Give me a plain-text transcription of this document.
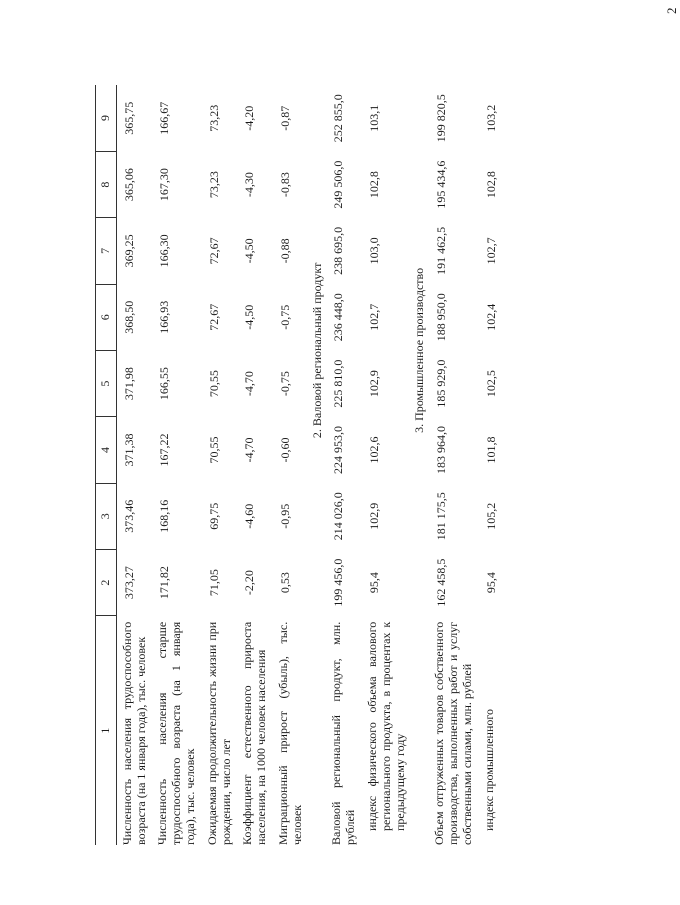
2
1	2	3	4	5	6	7	8	9
Численность населения трудоспособного возраста (на 1 января года), тыс. человек	373,27	373,46	371,38	371,98	368,50	369,25	365,06	365,75
Численность населения старше трудоспособного возраста (на 1 января года), тыс. человек	171,82	168,16	167,22	166,55	166,93	166,30	167,30	166,67
Ожидаемая продолжительность жизни при рождении, число лет	71,05	69,75	70,55	70,55	72,67	72,67	73,23	73,23
Коэффициент естественного прироста населения, на 1000 человек населения	-2,20	-4,60	-4,70	-4,70	-4,50	-4,50	-4,30	-4,20
Миграционный прирост (убыль), тыс. человек	0,53	-0,95	-0,60	-0,75	-0,75	-0,88	-0,83	-0,87
	2. Валовой региональный продукт							
Валовой региональный продукт, млн. рублей	199 456,0	214 026,0	224 953,0	225 810,0	236 448,0	238 695,0	249 506,0	252 855,0
индекс физического объема валового регионального продукта, в процентах к предыдущему году	95,4	102,9	102,6	102,9	102,7	103,0	102,8	103,1
	3. Промышленное производство							
Объем отгруженных товаров собственного производства, выполненных работ и услуг собственными силами, млн. рублей	162 458,5	181 175,5	183 964,0	185 929,0	188 950,0	191 462,5	195 434,6	199 820,5
индекс промышленного	95,4	105,2	101,8	102,5	102,4	102,7	102,8	103,2
